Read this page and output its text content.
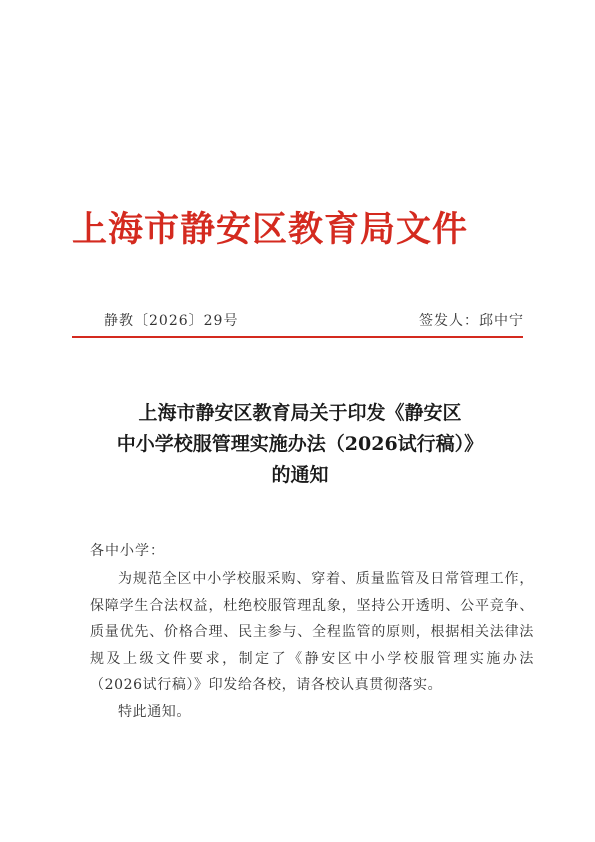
上海市静安区教育局文件
静教〔2026〕29号	签发人：邱中宁
上海市静安区教育局关于印发《静安区
中小学校服管理实施办法（2026试行稿）》
的通知
各中小学：

为规范全区中小学校服采购、穿着、质量监管及日常管理工作，保障学生合法权益，杜绝校服管理乱象，坚持公开透明、公平竞争、质量优先、价格合理、民主参与、全程监管的原则，根据相关法律法规及上级文件要求，制定了《静安区中小学校服管理实施办法（2026试行稿）》印发给各校，请各校认真贯彻落实。

特此通知。
